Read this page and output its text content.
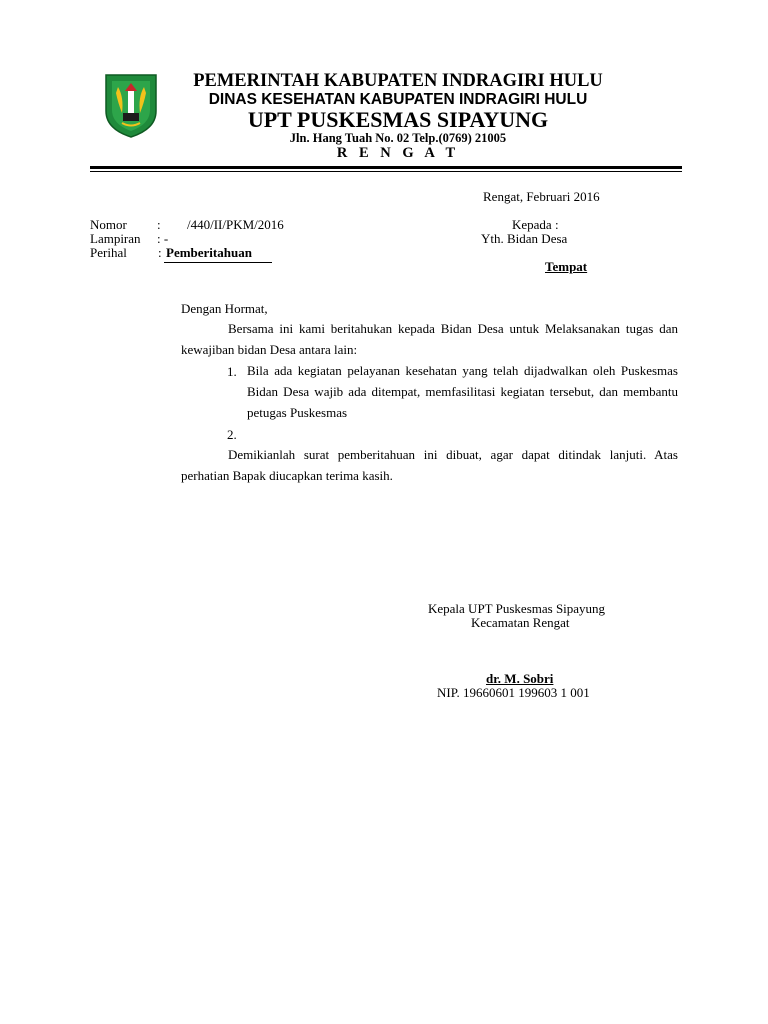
PEMERINTAH KABUPATEN INDRAGIRI HULU
DINAS KESEHATAN KABUPATEN INDRAGIRI HULU
UPT PUSKESMAS SIPAYUNG
Jln. Hang Tuah No. 02 Telp.(0769) 21005
R E N G A T
Rengat, Februari 2016
Nomor : /440/II/PKM/2016
Lampiran : -
Perihal : Pemberitahuan
Kepada :
Yth. Bidan Desa
Tempat
Dengan Hormat,
Bersama ini kami beritahukan kepada Bidan Desa untuk Melaksanakan tugas dan kewajiban bidan Desa antara lain:
1. Bila ada kegiatan pelayanan kesehatan yang telah dijadwalkan oleh Puskesmas Bidan Desa wajib ada ditempat, memfasilitasi kegiatan tersebut, dan membantu petugas Puskesmas
2.
Demikianlah surat pemberitahuan ini dibuat, agar dapat ditindak lanjuti. Atas perhatian Bapak diucapkan terima kasih.
Kepala UPT Puskesmas Sipayung
Kecamatan Rengat
dr. M. Sobri
NIP. 19660601 199603 1 001
